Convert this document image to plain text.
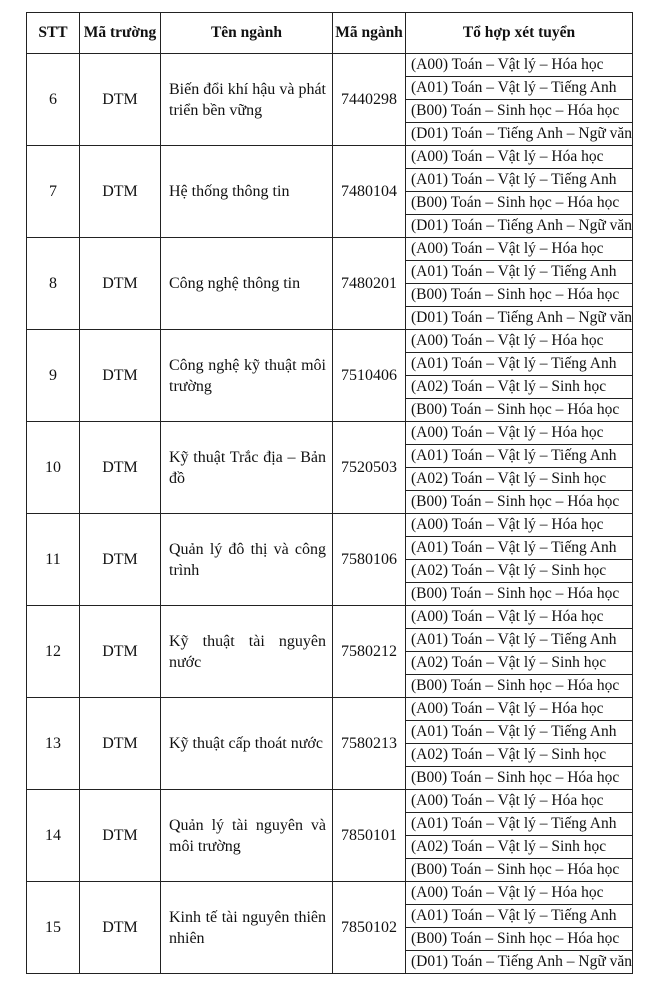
STT	Mã trường	Tên ngành	Mã ngành	Tổ hợp xét tuyển
6	DTM	Biến đổi khí hậu và phát triển bền vững	7440298	(A00) Toán – Vật lý – Hóa học
				(A01) Toán – Vật lý – Tiếng Anh
				(B00) Toán – Sinh học – Hóa học
				(D01) Toán – Tiếng Anh – Ngữ văn
7	DTM	Hệ thống thông tin	7480104	(A00) Toán – Vật lý – Hóa học
				(A01) Toán – Vật lý – Tiếng Anh
				(B00) Toán – Sinh học – Hóa học
				(D01) Toán – Tiếng Anh – Ngữ văn
8	DTM	Công nghệ thông tin	7480201	(A00) Toán – Vật lý – Hóa học
				(A01) Toán – Vật lý – Tiếng Anh
				(B00) Toán – Sinh học – Hóa học
				(D01) Toán – Tiếng Anh – Ngữ văn
9	DTM	Công nghệ kỹ thuật môi trường	7510406	(A00) Toán – Vật lý – Hóa học
				(A01) Toán – Vật lý – Tiếng Anh
				(A02) Toán – Vật lý – Sinh học
				(B00) Toán – Sinh học – Hóa học
10	DTM	Kỹ thuật Trắc địa – Bản đồ	7520503	(A00) Toán – Vật lý – Hóa học
				(A01) Toán – Vật lý – Tiếng Anh
				(A02) Toán – Vật lý – Sinh học
				(B00) Toán – Sinh học – Hóa học
11	DTM	Quản lý đô thị và công trình	7580106	(A00) Toán – Vật lý – Hóa học
				(A01) Toán – Vật lý – Tiếng Anh
				(A02) Toán – Vật lý – Sinh học
				(B00) Toán – Sinh học – Hóa học
12	DTM	Kỹ thuật tài nguyên nước	7580212	(A00) Toán – Vật lý – Hóa học
				(A01) Toán – Vật lý – Tiếng Anh
				(A02) Toán – Vật lý – Sinh học
				(B00) Toán – Sinh học – Hóa học
13	DTM	Kỹ thuật cấp thoát nước	7580213	(A00) Toán – Vật lý – Hóa học
				(A01) Toán – Vật lý – Tiếng Anh
				(A02) Toán – Vật lý – Sinh học
				(B00) Toán – Sinh học – Hóa học
14	DTM	Quản lý tài nguyên và môi trường	7850101	(A00) Toán – Vật lý – Hóa học
				(A01) Toán – Vật lý – Tiếng Anh
				(A02) Toán – Vật lý – Sinh học
				(B00) Toán – Sinh học – Hóa học
15	DTM	Kinh tế tài nguyên thiên nhiên	7850102	(A00) Toán – Vật lý – Hóa học
				(A01) Toán – Vật lý – Tiếng Anh
				(B00) Toán – Sinh học – Hóa học
				(D01) Toán – Tiếng Anh – Ngữ văn
